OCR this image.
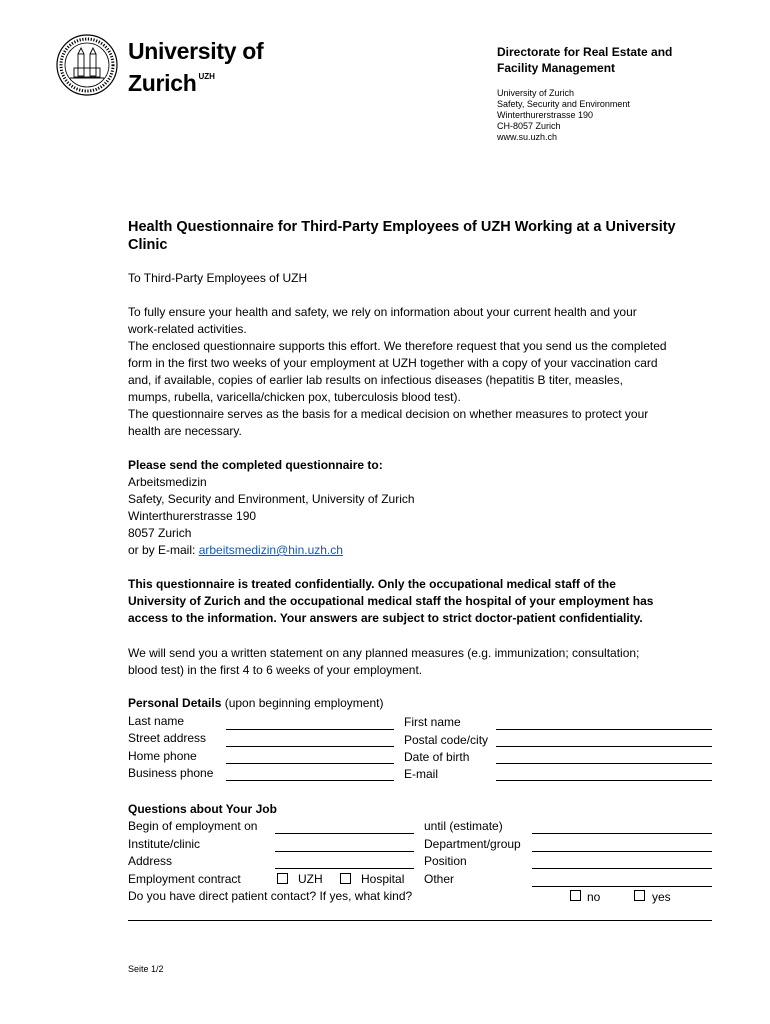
University of
Zurich $^{UZH}$
Directorate for Real Estate and
Facility Management
University of Zurich
Safety, Security and Environment
Winterthurerstrasse 190
CH-8057 Zurich
www.su.uzh.ch
Health Questionnaire for Third-Party Employees of UZH Working at a University Clinic
To Third-Party Employees of UZH
To fully ensure your health and safety, we rely on information about your current health and your
work-related activities.
The enclosed questionnaire supports this effort. We therefore request that you send us the completed
form in the first two weeks of your employment at UZH together with a copy of your vaccination card
and, if available, copies of earlier lab results on infectious diseases (hepatitis B titer, measles,
mumps, rubella, varicella/chicken pox, tuberculosis blood test).
The questionnaire serves as the basis for a medical decision on whether measures to protect your
health are necessary.
Please send the completed questionnaire to:
Arbeitsmedizin
Safety, Security and Environment, University of Zurich
Winterthurerstrasse 190
8057 Zurich
or by E-mail: arbeitsmedizin@hin.uzh.ch
This questionnaire is treated confidentially. Only the occupational medical staff of the
University of Zurich and the occupational medical staff the hospital of your employment has
access to the information. Your answers are subject to strict doctor-patient confidentiality.
We will send you a written statement on any planned measures (e.g. immunization; consultation;
blood test) in the first 4 to 6 weeks of your employment.
Personal Details (upon beginning employment)
Last name	First name
Street address	Postal code/city
Home phone	Date of birth
Business phone	E-mail
Questions about Your Job
Begin of employment on	until (estimate)
Institute/clinic	Department/group
Address	Position
Employment contract	UZH	Hospital Other
Do you have direct patient contact? If yes, what kind?	no	yes
Seite 1/2
